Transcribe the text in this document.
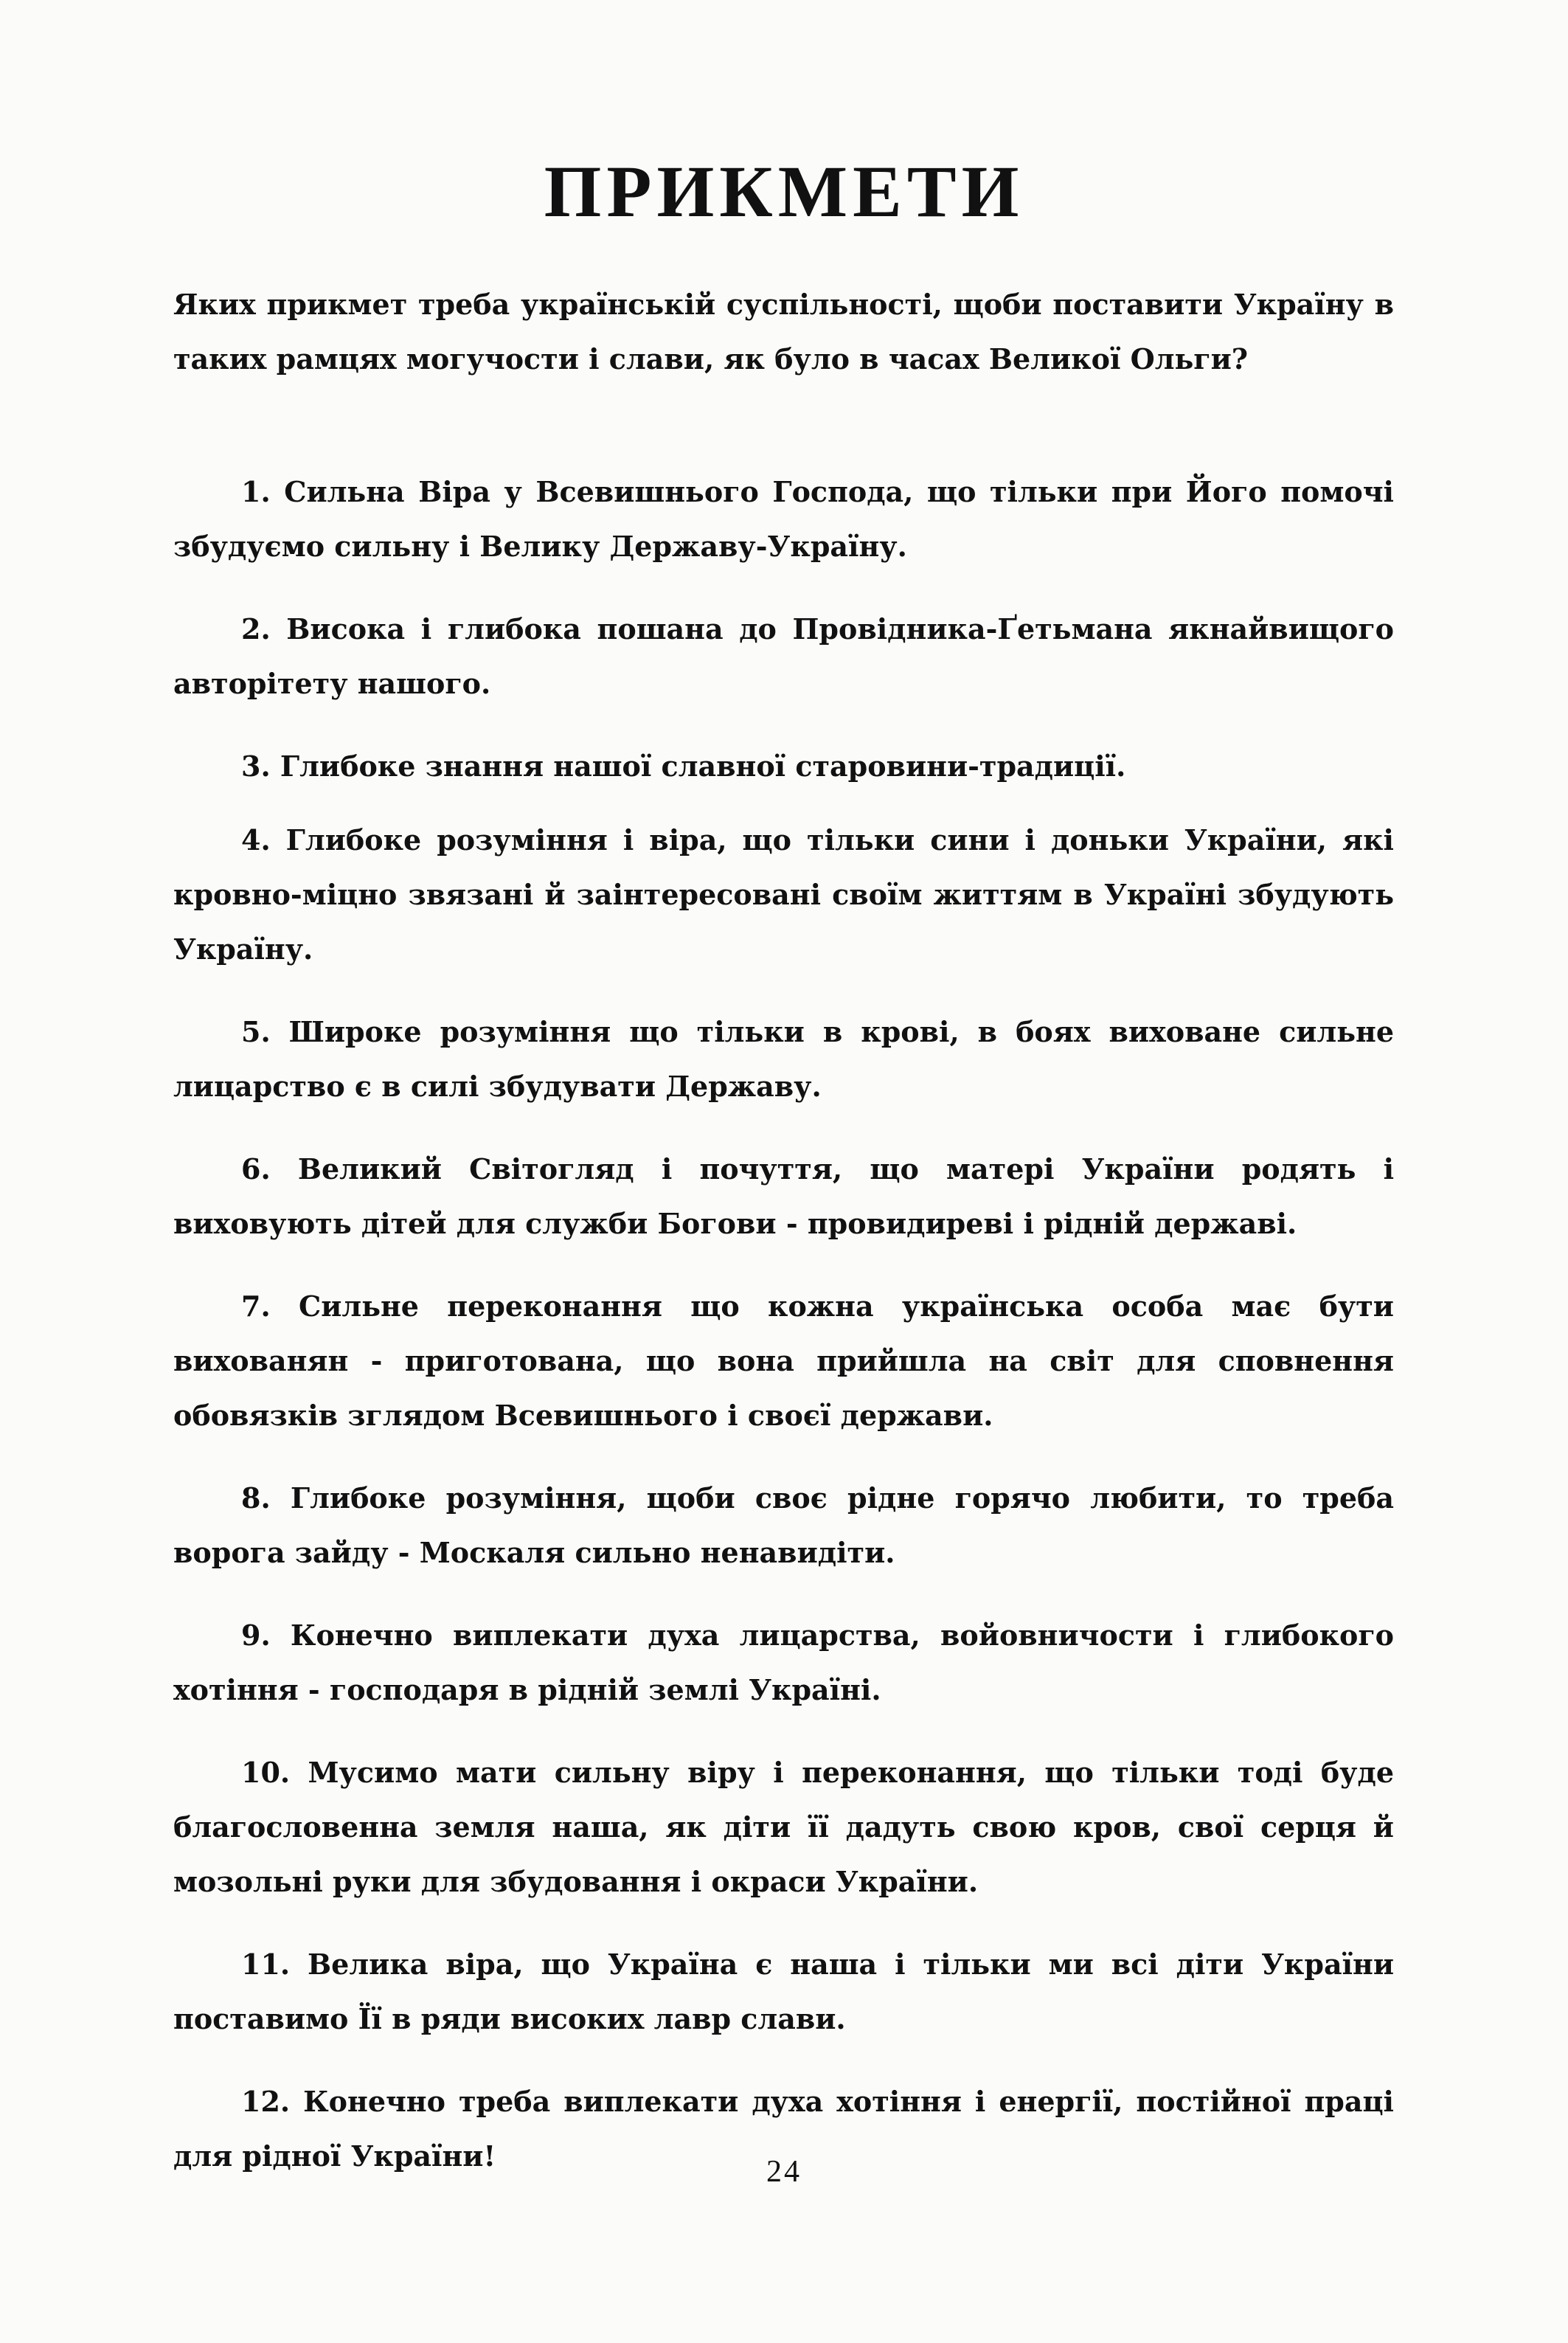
ПРИКМЕТИ

Яких прикмет треба українській суспільності, щоби поставити Україну в таких рамцях могучости і слави, як було в часах Великої Ольги?

1. Сильна Віра у Всевишнього Господа, що тільки при Його помочі збудуємо сильну і Велику Державу-Україну.

2. Висока і глибока пошана до Провідника-Ґетьмана якнайвищого авторітету нашого.

3. Глибоке знання нашої славної старовини-традиції.

4. Глибоке розуміння і віра, що тільки сини і доньки України, які кровно-міцно звязані й заінтересовані своїм життям в Україні збудують Україну.

5. Широке розуміння що тільки в крові, в боях виховане сильне лицарство є в силі збудувати Державу.

6. Великий Світогляд і почуття, що матері України родять і виховують дітей для служби Богови - провидиреві і рідній державі.

7. Сильне переконання що кожна українська особа має бути вихованян - приготована, що вона прийшла на світ для сповнення обовязків зглядом Всевишнього і своєї держави.

8. Глибоке розуміння, щоби своє рідне горячо любити, то треба ворога зайду - Москаля сильно ненавидіти.

9. Конечно виплекати духа лицарства, войовничости і глибокого хотіння - господаря в рідній землі Україні.

10. Мусимо мати сильну віру і переконання, що тільки тоді буде благословенна земля наша, як діти її дадуть свою кров, свої серця й мозольні руки для збудовання і окраси України.

11. Велика віра, що Україна є наша і тільки ми всі діти України поставимо Її в ряди високих лавр слави.

12. Конечно треба виплекати духа хотіння і енергії, постійної праці для рідної України!	24
